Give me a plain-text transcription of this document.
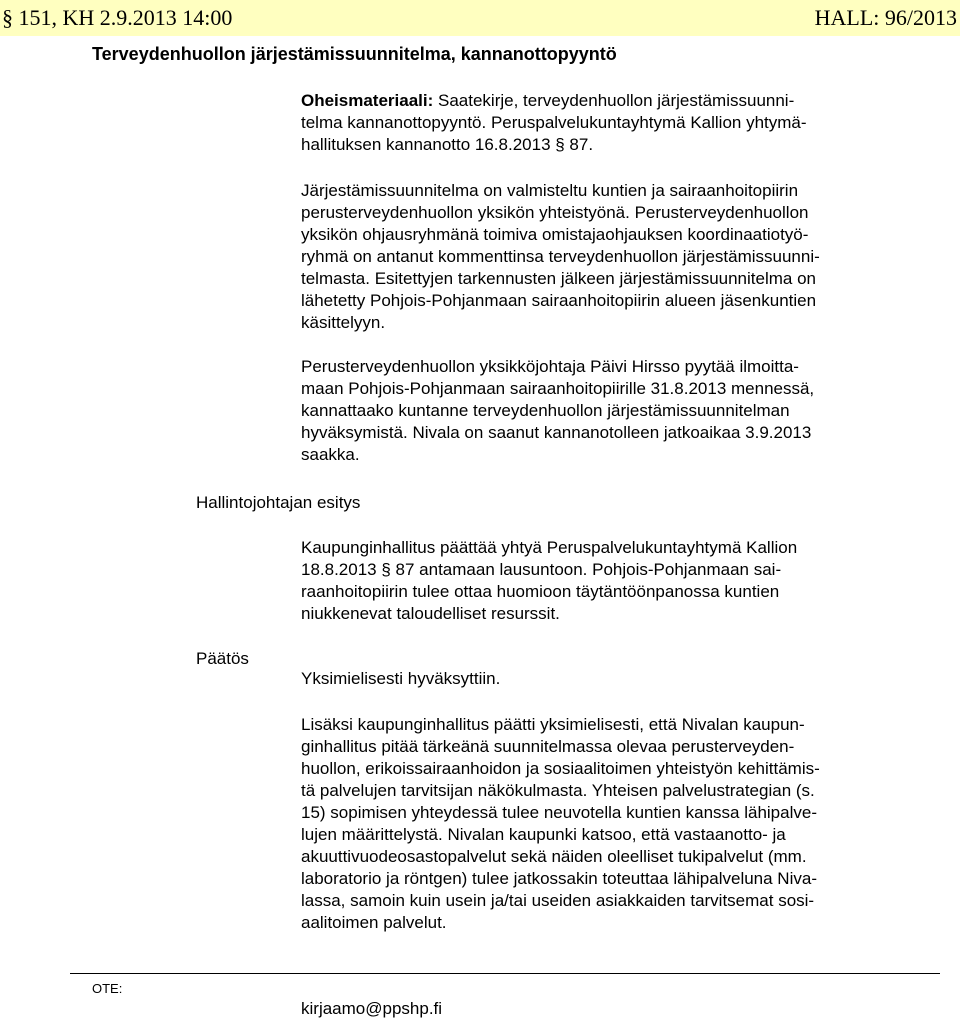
§ 151, KH 2.9.2013 14:00	HALL: 96/2013
Terveydenhuollon järjestämissuunnitelma, kannanottopyyntö
Oheismateriaali: Saatekirje, terveydenhuollon järjestämissuunni-
telma kannanottopyyntö. Peruspalvelukuntayhtymä Kallion yhtymä-
hallituksen kannanotto 16.8.2013 § 87.
Järjestämissuunnitelma on valmisteltu kuntien ja sairaanhoitopiirin
perusterveydenhuollon yksikön yhteistyönä. Perusterveydenhuollon
yksikön ohjausryhmänä toimiva omistajaohjauksen koordinaatiotyö-
ryhmä on antanut kommenttinsa terveydenhuollon järjestämissuunni-
telmasta. Esitettyjen tarkennusten jälkeen järjestämissuunnitelma on
lähetetty Pohjois-Pohjanmaan sairaanhoitopiirin alueen jäsenkuntien
käsittelyyn.
Perusterveydenhuollon yksikköjohtaja Päivi Hirsso pyytää ilmoitta-
maan Pohjois-Pohjanmaan sairaanhoitopiirille 31.8.2013 mennessä,
kannattaako kuntanne terveydenhuollon järjestämissuunnitelman
hyväksymistä. Nivala on saanut kannanotolleen jatkoaikaa 3.9.2013
saakka.
Hallintojohtajan esitys
Kaupunginhallitus päättää yhtyä Peruspalvelukuntayhtymä Kallion
18.8.2013 § 87 antamaan lausuntoon. Pohjois-Pohjanmaan sai-
raanhoitopiirin tulee ottaa huomioon täytäntöönpanossa kuntien
niukkenevat taloudelliset resurssit.
Päätös
Yksimielisesti hyväksyttiin.
Lisäksi kaupunginhallitus päätti yksimielisesti, että Nivalan kaupun-
ginhallitus pitää tärkeänä suunnitelmassa olevaa perusterveyden-
huollon, erikoissairaanhoidon ja sosiaalitoimen yhteistyön kehittämis-
tä palvelujen tarvitsijan näkökulmasta. Yhteisen palvelustrategian (s.
15) sopimisen yhteydessä tulee neuvotella kuntien kanssa lähipalve-
lujen määrittelystä. Nivalan kaupunki katsoo, että vastaanotto- ja
akuuttivuodeosastopalvelut sekä näiden oleelliset tukipalvelut (mm.
laboratorio ja röntgen) tulee jatkossakin toteuttaa lähipalveluna Niva-
lassa, samoin kuin usein ja/tai useiden asiakkaiden tarvitsemat sosi-
aalitoimen palvelut.
OTE:
kirjaamo@ppshp.fi
